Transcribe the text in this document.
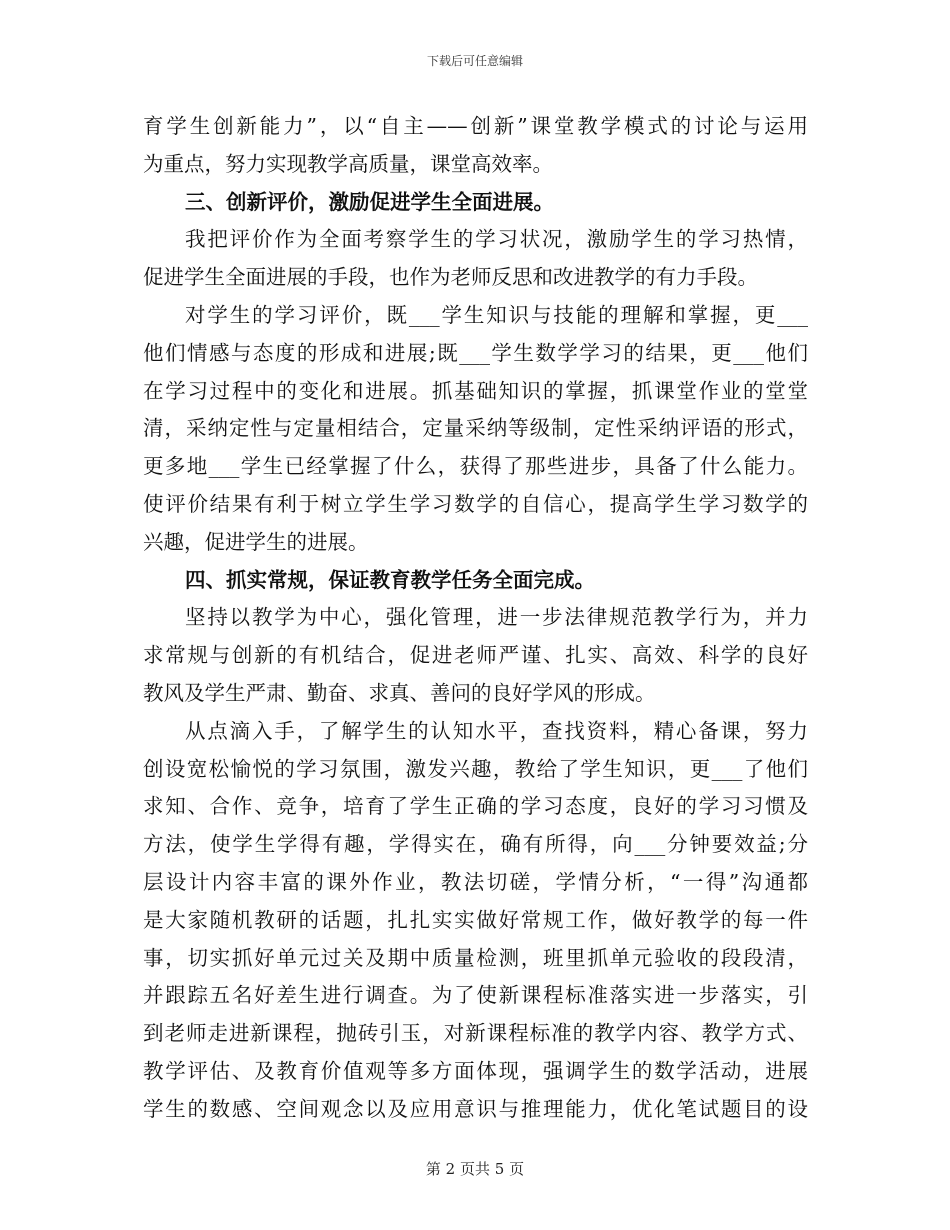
下载后可任意编辑
育学生创新能力”，以“自主——创新”课堂教学模式的讨论与运用
为重点，努力实现教学高质量，课堂高效率。
三、创新评价，激励促进学生全面进展。
我把评价作为全面考察学生的学习状况，激励学生的学习热情，
促进学生全面进展的手段，也作为老师反思和改进教学的有力手段。
对学生的学习评价，既___学生知识与技能的理解和掌握，更___
他们情感与态度的形成和进展;既___学生数学学习的结果，更___他们
在学习过程中的变化和进展。抓基础知识的掌握，抓课堂作业的堂堂
清，采纳定性与定量相结合，定量采纳等级制，定性采纳评语的形式，
更多地___学生已经掌握了什么，获得了那些进步，具备了什么能力。
使评价结果有利于树立学生学习数学的自信心，提高学生学习数学的
兴趣，促进学生的进展。
四、抓实常规，保证教育教学任务全面完成。
坚持以教学为中心，强化管理，进一步法律规范教学行为，并力
求常规与创新的有机结合，促进老师严谨、扎实、高效、科学的良好
教风及学生严肃、勤奋、求真、善问的良好学风的形成。
从点滴入手，了解学生的认知水平，查找资料，精心备课，努力
创设宽松愉悦的学习氛围，激发兴趣，教给了学生知识，更___了他们
求知、合作、竞争，培育了学生正确的学习态度，良好的学习习惯及
方法，使学生学得有趣，学得实在，确有所得，向___分钟要效益;分
层设计内容丰富的课外作业，教法切磋，学情分析，“一得”沟通都
是大家随机教研的话题，扎扎实实做好常规工作，做好教学的每一件
事，切实抓好单元过关及期中质量检测，班里抓单元验收的段段清，
并跟踪五名好差生进行调查。为了使新课程标准落实进一步落实，引
到老师走进新课程，抛砖引玉，对新课程标准的教学内容、教学方式、
教学评估、及教育价值观等多方面体现，强调学生的数学活动，进展
学生的数感、空间观念以及应用意识与推理能力，优化笔试题目的设
第 2 页共 5 页
